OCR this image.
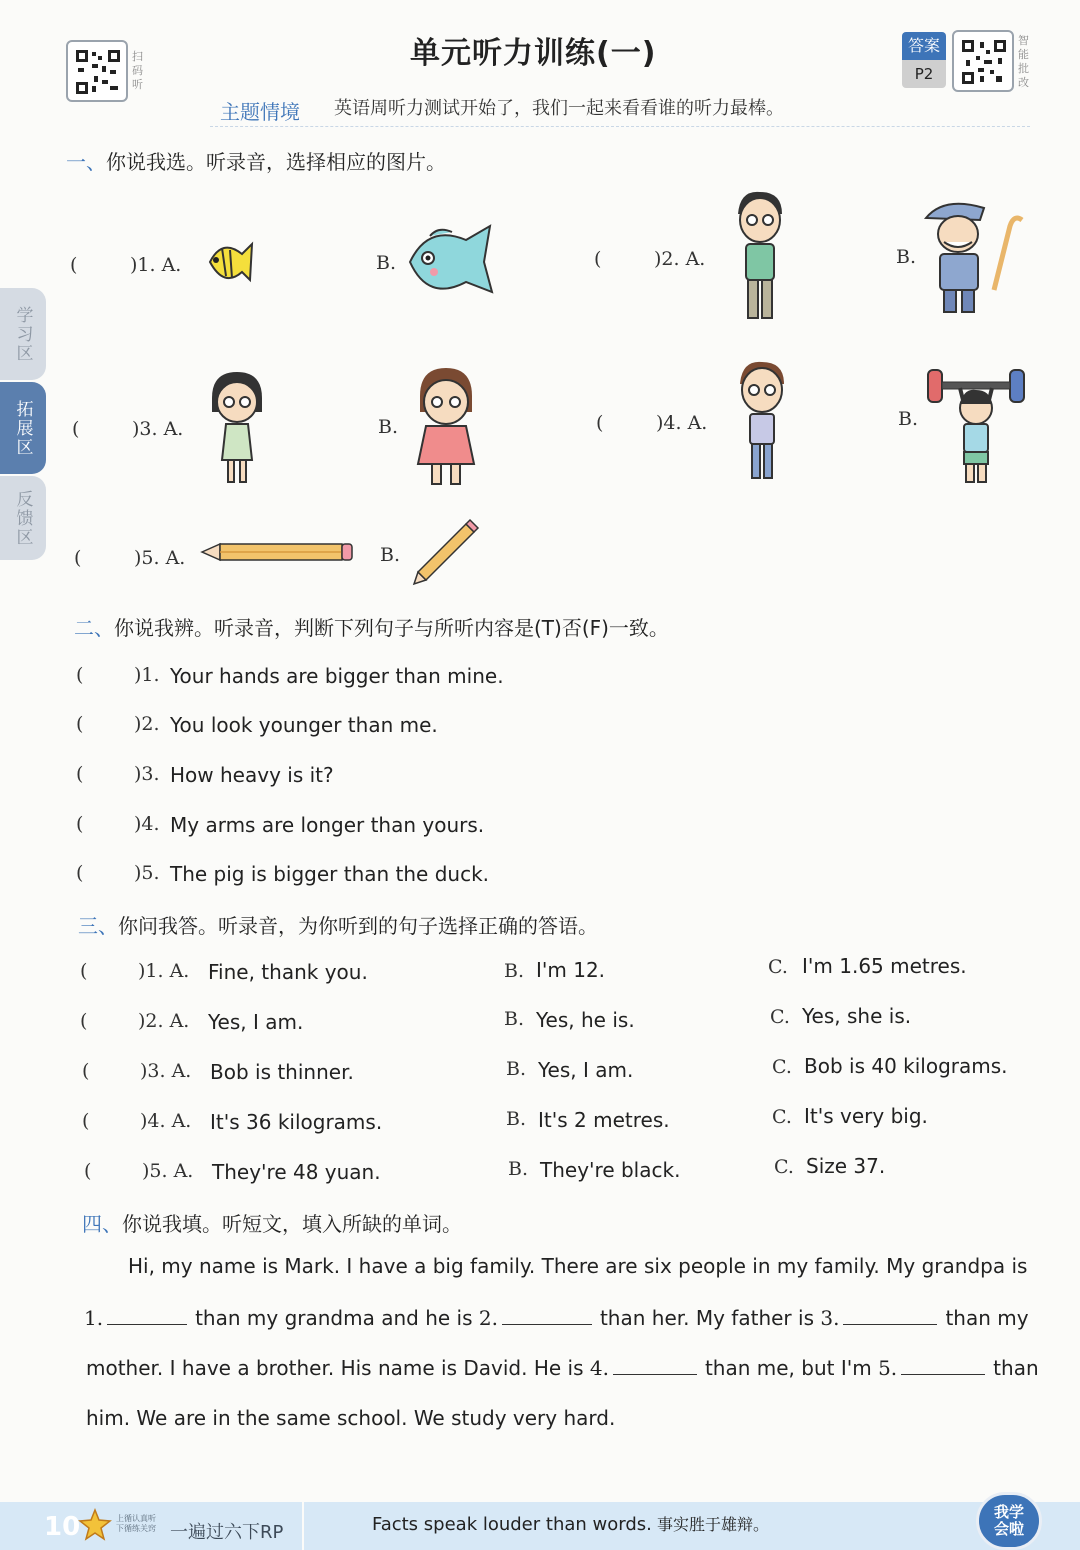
扫码听
单元听力训练(一)	答案
P2
智能批改
主题情境 英语周听力测试开始了，我们一起来看看谁的听力最棒。
学习区
拓展区
反馈区
一、你说我选。听录音，选择相应的图片。
(	)1. A.	B.	(	)2. A.	B.
(	)3. A.	B.	(	)4. A.	B.
(	)5. A.	B.
二、你说我辨。听录音，判断下列句子与所听内容是(T)否(F)一致。
(	)1. Your hands are bigger than mine.
(	)2. You look younger than me.
(	)3. How heavy is it?
(	)4. My arms are longer than yours.
(	)5. The pig is bigger than the duck.
三、你问我答。听录音，为你听到的句子选择正确的答语。
(	)1. A. Fine, thank you.	B. I'm 12.	C. I'm 1.65 metres.
(	)2. A. Yes, I am.	B. Yes, he is.	C. Yes, she is.
(	)3. A. Bob is thinner.	B. Yes, I am.	C. Bob is 40 kilograms.
(	)4. A. It's 36 kilograms.	B. It's 2 metres.	C. It's very big.
(	)5. A. They're 48 yuan.	B. They're black.	C. Size 37.
四、你说我填。听短文，填入所缺的单词。
Hi, my name is Mark. I have a big family. There are six people in my family. My grandpa is
1.	than my grandma and he is 2.	than her. My father is 3.	than my
mother. I have a brother. His name is David. He is 4.	than me, but I'm 5.	than
him. We are in the same school. We study very hard.
10	上循认真听 下循练关窍 一遍过六下RP	Facts speak louder than words. 事实胜于雄辩。
我学会啦
